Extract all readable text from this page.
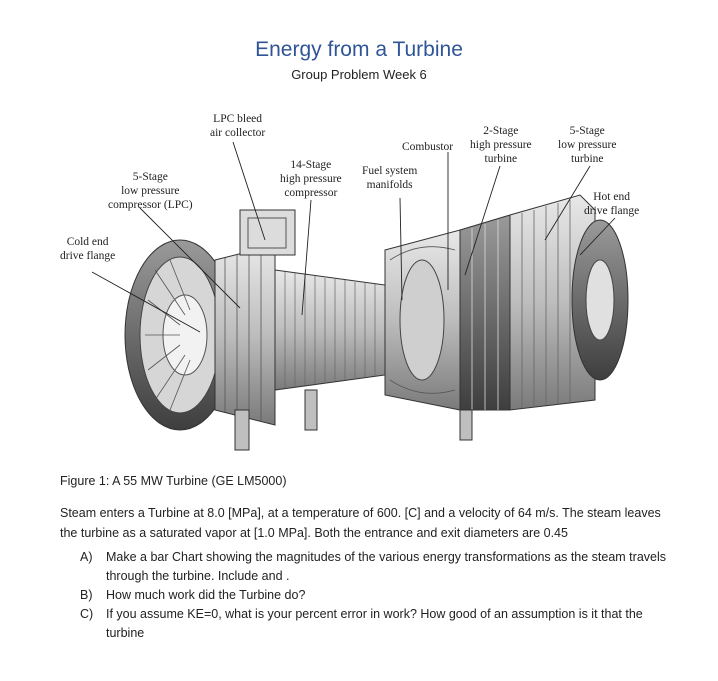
Energy from a Turbine
Group Problem Week 6
LPC bleed
air collector
Combustor
2-Stage
high pressure
turbine
5-Stage
low pressure
turbine
5-Stage
low pressure
compressor (LPC)
14-Stage
high pressure
compressor
Fuel system
manifolds
Hot end
drive flange
Cold end
drive flange
Figure 1: A 55 MW Turbine (GE LM5000)
Steam enters a Turbine at 8.0 [MPa], at a temperature of 600. [C] and a velocity of 64 m/s. The steam leaves the turbine as a saturated vapor at [1.0 MPa]. Both the entrance and exit diameters are 0.45
A)	Make a bar Chart showing the magnitudes of the various energy transformations as the steam travels through the turbine. Include and .
B)	How much work did the Turbine do?
C)	If you assume KE=0, what is your percent error in work? How good of an assumption is it that the turbine
